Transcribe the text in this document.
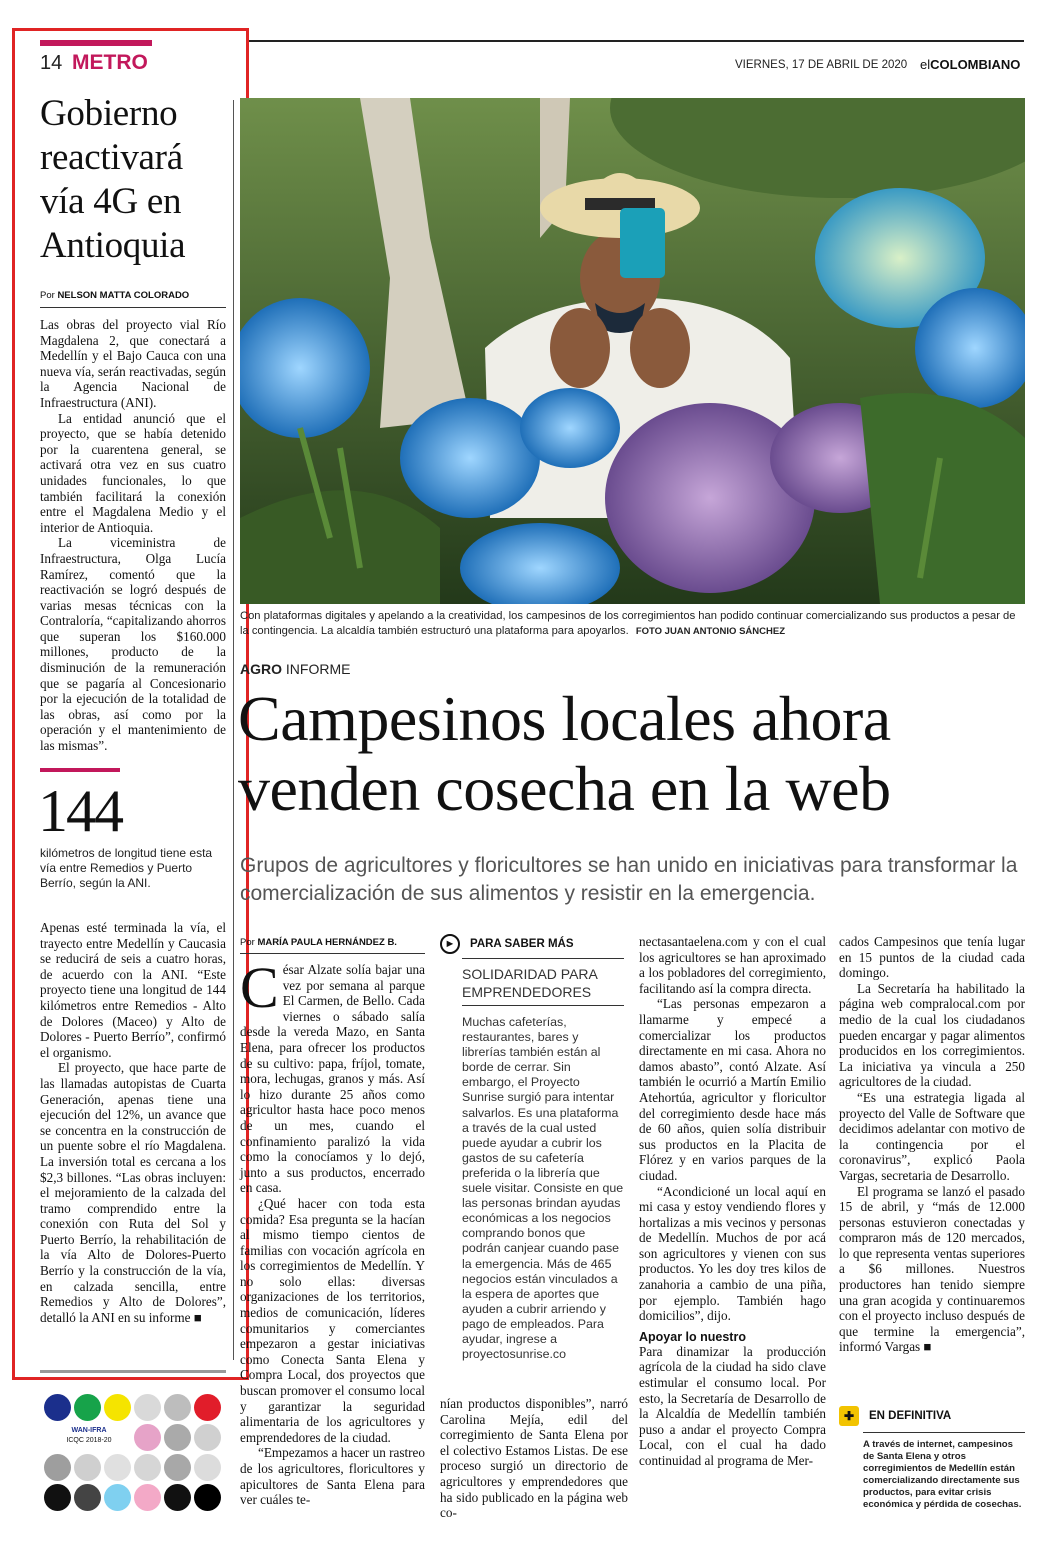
14 METRO	VIERNES, 17 DE ABRIL DE 2020 elCOLOMBIANO
Gobierno reactivará vía 4G en Antioquia
Por NELSON MATTA COLORADO

Las obras del proyecto vial Río Magdalena 2, que conectará a Medellín y el Bajo Cauca con una nueva vía, serán reactivadas, según la Agencia Nacional de Infraestructura (ANI).

La entidad anunció que el proyecto, que se había detenido por la cuarentena general, se activará otra vez en sus cuatro unidades funcionales, lo que también facilitará la conexión entre el Magdalena Medio y el interior de Antioquia.

La viceministra de Infraestructura, Olga Lucía Ramírez, comentó que la reactivación se logró después de varias mesas técnicas con la Contraloría, “capitalizando ahorros que superan los $160.000 millones, producto de la disminución de la remuneración que se pagaría al Concesionario por la ejecución de la totalidad de las obras, así como por la operación y el mantenimiento de las mismas”.

144
kilómetros de longitud tiene esta vía entre Remedios y Puerto Berrío, según la ANI.

Apenas esté terminada la vía, el trayecto entre Medellín y Caucasia se reducirá de seis a cuatro horas, de acuerdo con la ANI. “Este proyecto tiene una longitud de 144 kilómetros entre Remedios - Alto de Dolores (Maceo) y Alto de Dolores - Puerto Berrío”, confirmó el organismo.

El proyecto, que hace parte de las llamadas autopistas de Cuarta Generación, apenas tiene una ejecución del 12%, un avance que se concentra en la construcción de un puente sobre el río Magdalena. La inversión total es cercana a los $2,3 billones. “Las obras incluyen: el mejoramiento de la calzada del tramo comprendido entre la conexión con Ruta del Sol y Puerto Berrío, la rehabilitación de la vía Alto de Dolores-Puerto Berrío y la construcción de la vía, en calzada sencilla, entre Remedios y Alto de Dolores”, detalló la ANI en su informe ■

Con plataformas digitales y apelando a la creatividad, los campesinos de los corregimientos han podido continuar comercializando sus productos a pesar de la contingencia. La alcaldía también estructuró una plataforma para apoyarlos. FOTO JUAN ANTONIO SÁNCHEZ
AGRO INFORME
Campesinos locales ahora venden cosecha en la web

Grupos de agricultores y floricultores se han unido en iniciativas para transformar la comercialización de sus alimentos y resistir en la emergencia.

Por MARÍA PAULA HERNÁNDEZ B.
C ésar Alzate solía bajar una vez por semana al parque El Carmen, de Bello. Cada viernes o sábado salía desde la vereda Mazo, en Santa Elena, para ofrecer los productos de su cultivo: papa, fríjol, tomate, mora, lechugas, granos y más. Así lo hizo durante 25 años como agricultor hasta hace poco menos de un mes, cuando el confinamiento paralizó la vida como la conocíamos y lo dejó, junto a sus productos, encerrado en casa.

¿Qué hacer con toda esta comida? Esa pregunta se la hacían al mismo tiempo cientos de familias con vocación agrícola en los corregimientos de Medellín. Y no solo ellas: diversas organizaciones de los territorios, medios de comunicación, líderes comunitarios y comerciantes empezaron a gestar iniciativas como Conecta Santa Elena y Compra Local, dos proyectos que buscan promover el consumo local y garantizar la seguridad alimentaria de los agricultores y emprendedores de la ciudad.

“Empezamos a hacer un rastreo de los agricultores, floricultores y apicultores de Santa Elena para ver cuáles te-

►	PARA SABER MÁS
SOLIDARIDAD PARA EMPRENDEDORES

Muchas cafeterías, restaurantes, bares y librerías también están al borde de cerrar. Sin embargo, el Proyecto Sunrise surgió para intentar salvarlos. Es una plataforma a través de la cual usted puede ayudar a cubrir los gastos de su cafetería preferida o la librería que suele visitar. Consiste en que las personas brindan ayudas económicas a los negocios comprando bonos que podrán canjear cuando pase la emergencia. Más de 465 negocios están vinculados a la espera de aportes que ayuden a cubrir arriendo y pago de empleados. Para ayudar, ingrese a proyectosunrise.co

nían productos disponibles”, narró Carolina Mejía, edil del corregimiento de Santa Elena por el colectivo Estamos Listas. De ese proceso surgió un directorio de agricultores y emprendedores que ha sido publicado en la página web co-

nectasantaelena.com y con el cual los agricultores se han aproximado a los pobladores del corregimiento, facilitando así la compra directa.

“Las personas empezaron a llamarme y empecé a comercializar los productos directamente en mi casa. Ahora no damos abasto”, contó Alzate. Así también le ocurrió a Martín Emilio Atehortúa, agricultor y floricultor del corregimiento desde hace más de 60 años, quien solía distribuir sus productos en la Placita de Flórez y en varios parques de la ciudad.

“Acondicioné un local aquí en mi casa y estoy vendiendo flores y hortalizas a mis vecinos y personas de Medellín. Muchos de por acá son agricultores y vienen con sus productos. Yo les doy tres kilos de zanahoria a cambio de una piña, por ejemplo. También hago domicilios”, dijo.

Apoyar lo nuestro

Para dinamizar la producción agrícola de la ciudad ha sido clave estimular el consumo local. Por esto, la Secretaría de Desarrollo de la Alcaldía de Medellín también puso a andar el proyecto Compra Local, con el cual ha dado continuidad al programa de Mer-

cados Campesinos que tenía lugar en 15 puntos de la ciudad cada domingo.

La Secretaría ha habilitado la página web compralocal.com por medio de la cual los ciudadanos pueden encargar y pagar alimentos producidos en los corregimientos. La iniciativa ya vincula a 250 agricultores de la ciudad.

“Es una estrategia ligada al proyecto del Valle de Software que decidimos adelantar con motivo de la contingencia por el coronavirus”, explicó Paola Vargas, secretaria de Desarrollo.

El programa se lanzó el pasado 15 de abril, y “más de 12.000 personas estuvieron conectadas y compraron más de 120 mercados, lo que representa ventas superiores a $6 millones. Nuestros productores han tenido siempre una gran acogida y continuaremos con el proyecto incluso después de que termine la emergencia”, informó Vargas ■

✚	EN DEFINITIVA

A través de internet, campesinos de Santa Elena y otros corregimientos de Medellín están comercializando directamente sus productos, para evitar crisis económica y pérdida de cosechas.

WAN-IFRA
ICQC 2018-20
